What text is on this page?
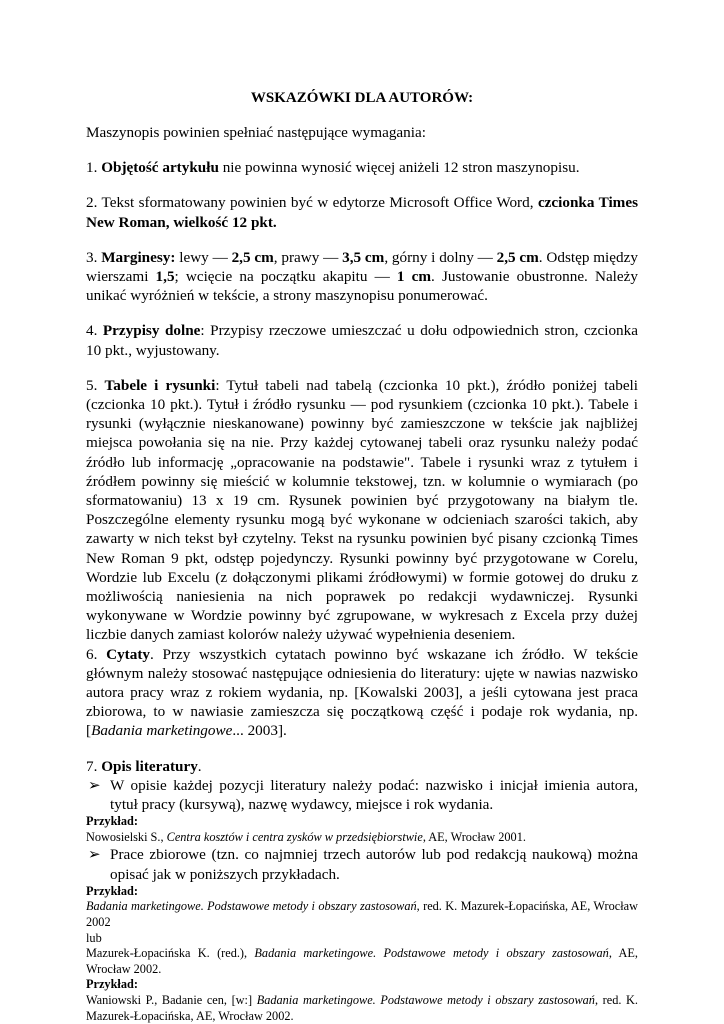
WSKAZÓWKI DLA AUTORÓW:

Maszynopis powinien spełniać następujące wymagania:

1. Objętość artykułu nie powinna wynosić więcej aniżeli 12 stron maszynopisu.

2. Tekst sformatowany powinien być w edytorze Microsoft Office Word, czcionka Times New Roman, wielkość 12 pkt.

3. Marginesy: lewy — 2,5 cm, prawy — 3,5 cm, górny i dolny — 2,5 cm. Odstęp między wierszami 1,5; wcięcie na początku akapitu — 1 cm. Justowanie obustronne. Należy unikać wyróżnień w tekście, a strony maszynopisu ponumerować.

4. Przypisy dolne: Przypisy rzeczowe umieszczać u dołu odpowiednich stron, czcionka 10 pkt., wyjustowany.

5. Tabele i rysunki: Tytuł tabeli nad tabelą (czcionka 10 pkt.), źródło poniżej tabeli (czcionka 10 pkt.). Tytuł i źródło rysunku — pod rysunkiem (czcionka 10 pkt.). Tabele i rysunki (wyłącznie nieskanowane) powinny być zamieszczone w tekście jak najbliżej miejsca powołania się na nie. Przy każdej cytowanej tabeli oraz rysunku należy podać źródło lub informację „opracowanie na podstawie". Tabele i rysunki wraz z tytułem i źródłem powinny się mieścić w kolumnie tekstowej, tzn. w kolumnie o wymiarach (po sformatowaniu) 13 x 19 cm. Rysunek powinien być przygotowany na białym tle. Poszczególne elementy rysunku mogą być wykonane w odcieniach szarości takich, aby zawarty w nich tekst był czytelny. Tekst na rysunku powinien być pisany czcionką Times New Roman 9 pkt, odstęp pojedynczy. Rysunki powinny być przygotowane w Corelu, Wordzie lub Excelu (z dołączonymi plikami źródłowymi) w formie gotowej do druku z możliwością naniesienia na nich poprawek po redakcji wydawniczej. Rysunki wykonywane w Wordzie powinny być zgrupowane, w wykresach z Excela przy dużej liczbie danych zamiast kolorów należy używać wypełnienia deseniem.

6. Cytaty. Przy wszystkich cytatach powinno być wskazane ich źródło. W tekście głównym należy stosować następujące odniesienia do literatury: ujęte w nawias nazwisko autora pracy wraz z rokiem wydania, np. [Kowalski 2003], a jeśli cytowana jest praca zbiorowa, to w nawiasie zamieszcza się początkową część i podaje rok wydania, np. [Badania marketingowe... 2003].

7. Opis literatury.

➢ W opisie każdej pozycji literatury należy podać: nazwisko i inicjał imienia autora, tytuł pracy (kursywą), nazwę wydawcy, miejsce i rok wydania.

Przykład:

Nowosielski S., Centra kosztów i centra zysków w przedsiębiorstwie, AE, Wrocław 2001.

➢ Prace zbiorowe (tzn. co najmniej trzech autorów lub pod redakcją naukową) można opisać jak w poniższych przykładach.

Przykład:

Badania marketingowe. Podstawowe metody i obszary zastosowań, red. K. Mazurek-Łopacińska, AE, Wrocław 2002

lub

Mazurek-Łopacińska K. (red.), Badania marketingowe. Podstawowe metody i obszary zastosowań, AE, Wrocław 2002.

Przykład:

Waniowski P., Badanie cen, [w:] Badania marketingowe. Podstawowe metody i obszary zastosowań, red. K. Mazurek-Łopacińska, AE, Wrocław 2002.
